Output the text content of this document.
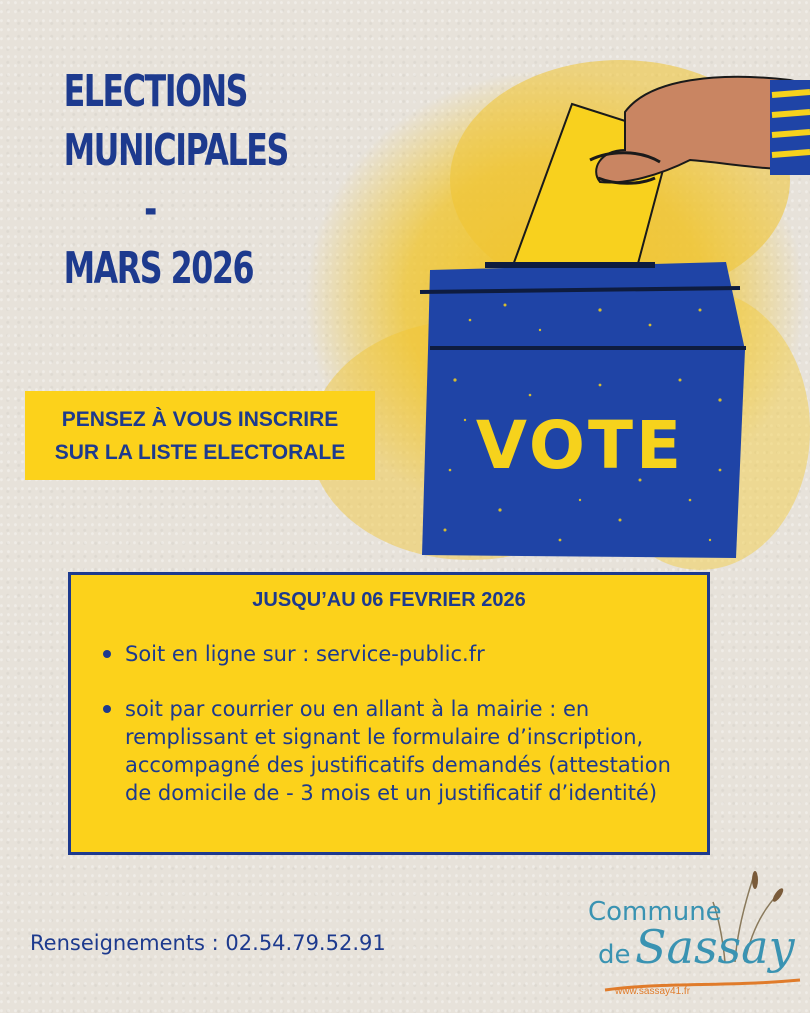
VOTE
ELECTIONS
MUNICIPALES
-
MARS 2026
PENSEZ À VOUS INSCRIRE
SUR LA LISTE ELECTORALE

JUSQU’AU 06 FEVRIER 2026

Soit en ligne sur : service-public.fr
soit par courrier ou en allant à la mairie : en remplissant et signant le formulaire d’inscription, accompagné des justificatifs demandés (attestation de domicile de - 3 mois et un justificatif d’identité)

Renseignements : 02.54.79.52.91

Commune
de Sassay
www.sassay41.fr
